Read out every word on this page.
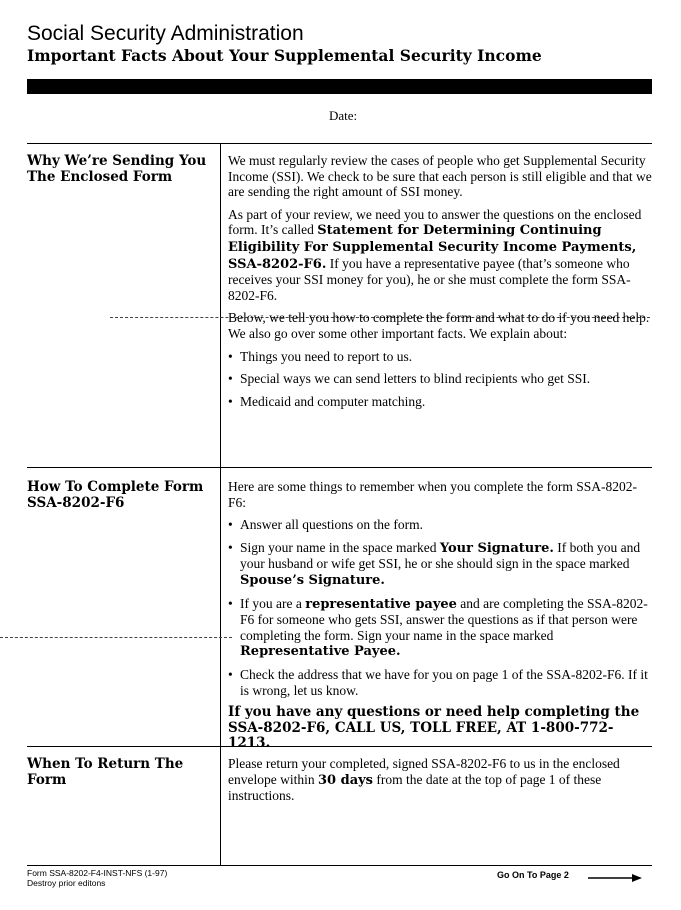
Social Security Administration
Important Facts About Your Supplemental Security Income
Date:
Why We’re Sending You The Enclosed Form

We must regularly review the cases of people who get Supplemental Security Income (SSI). We check to be sure that each person is still eligible and that we are sending the right amount of SSI money.

As part of your review, we need you to answer the questions on the enclosed form. It’s called Statement for Determining Continuing Eligibility For Supplemental Security Income Payments, SSA-8202-F6. If you have a representative payee (that’s someone who receives your SSI money for you), he or she must complete the form SSA-8202-F6.

Below, we tell you how to complete the form and what to do if you need help. We also go over some other important facts. We explain about:

• Things you need to report to us.
• Special ways we can send letters to blind recipients who get SSI.
• Medicaid and computer matching.
How To Complete Form SSA-8202-F6

Here are some things to remember when you complete the form SSA-8202-F6:

• Answer all questions on the form.
• Sign your name in the space marked Your Signature. If both you and your husband or wife get SSI, he or she should sign in the space marked Spouse’s Signature.
• If you are a representative payee and are completing the SSA-8202-F6 for someone who gets SSI, answer the questions as if that person were completing the form. Sign your name in the space marked Representative Payee.
• Check the address that we have for you on page 1 of the SSA-8202-F6. If it is wrong, let us know.

If you have any questions or need help completing the SSA-8202-F6, CALL US, TOLL FREE, AT 1-800-772-1213.

When To Return The Form

Please return your completed, signed SSA-8202-F6 to us in the enclosed envelope within 30 days from the date at the top of page 1 of these instructions.

Form SSA-8202-F4-INST-NFS (1-97)
Destroy prior editons
Go On To Page 2
